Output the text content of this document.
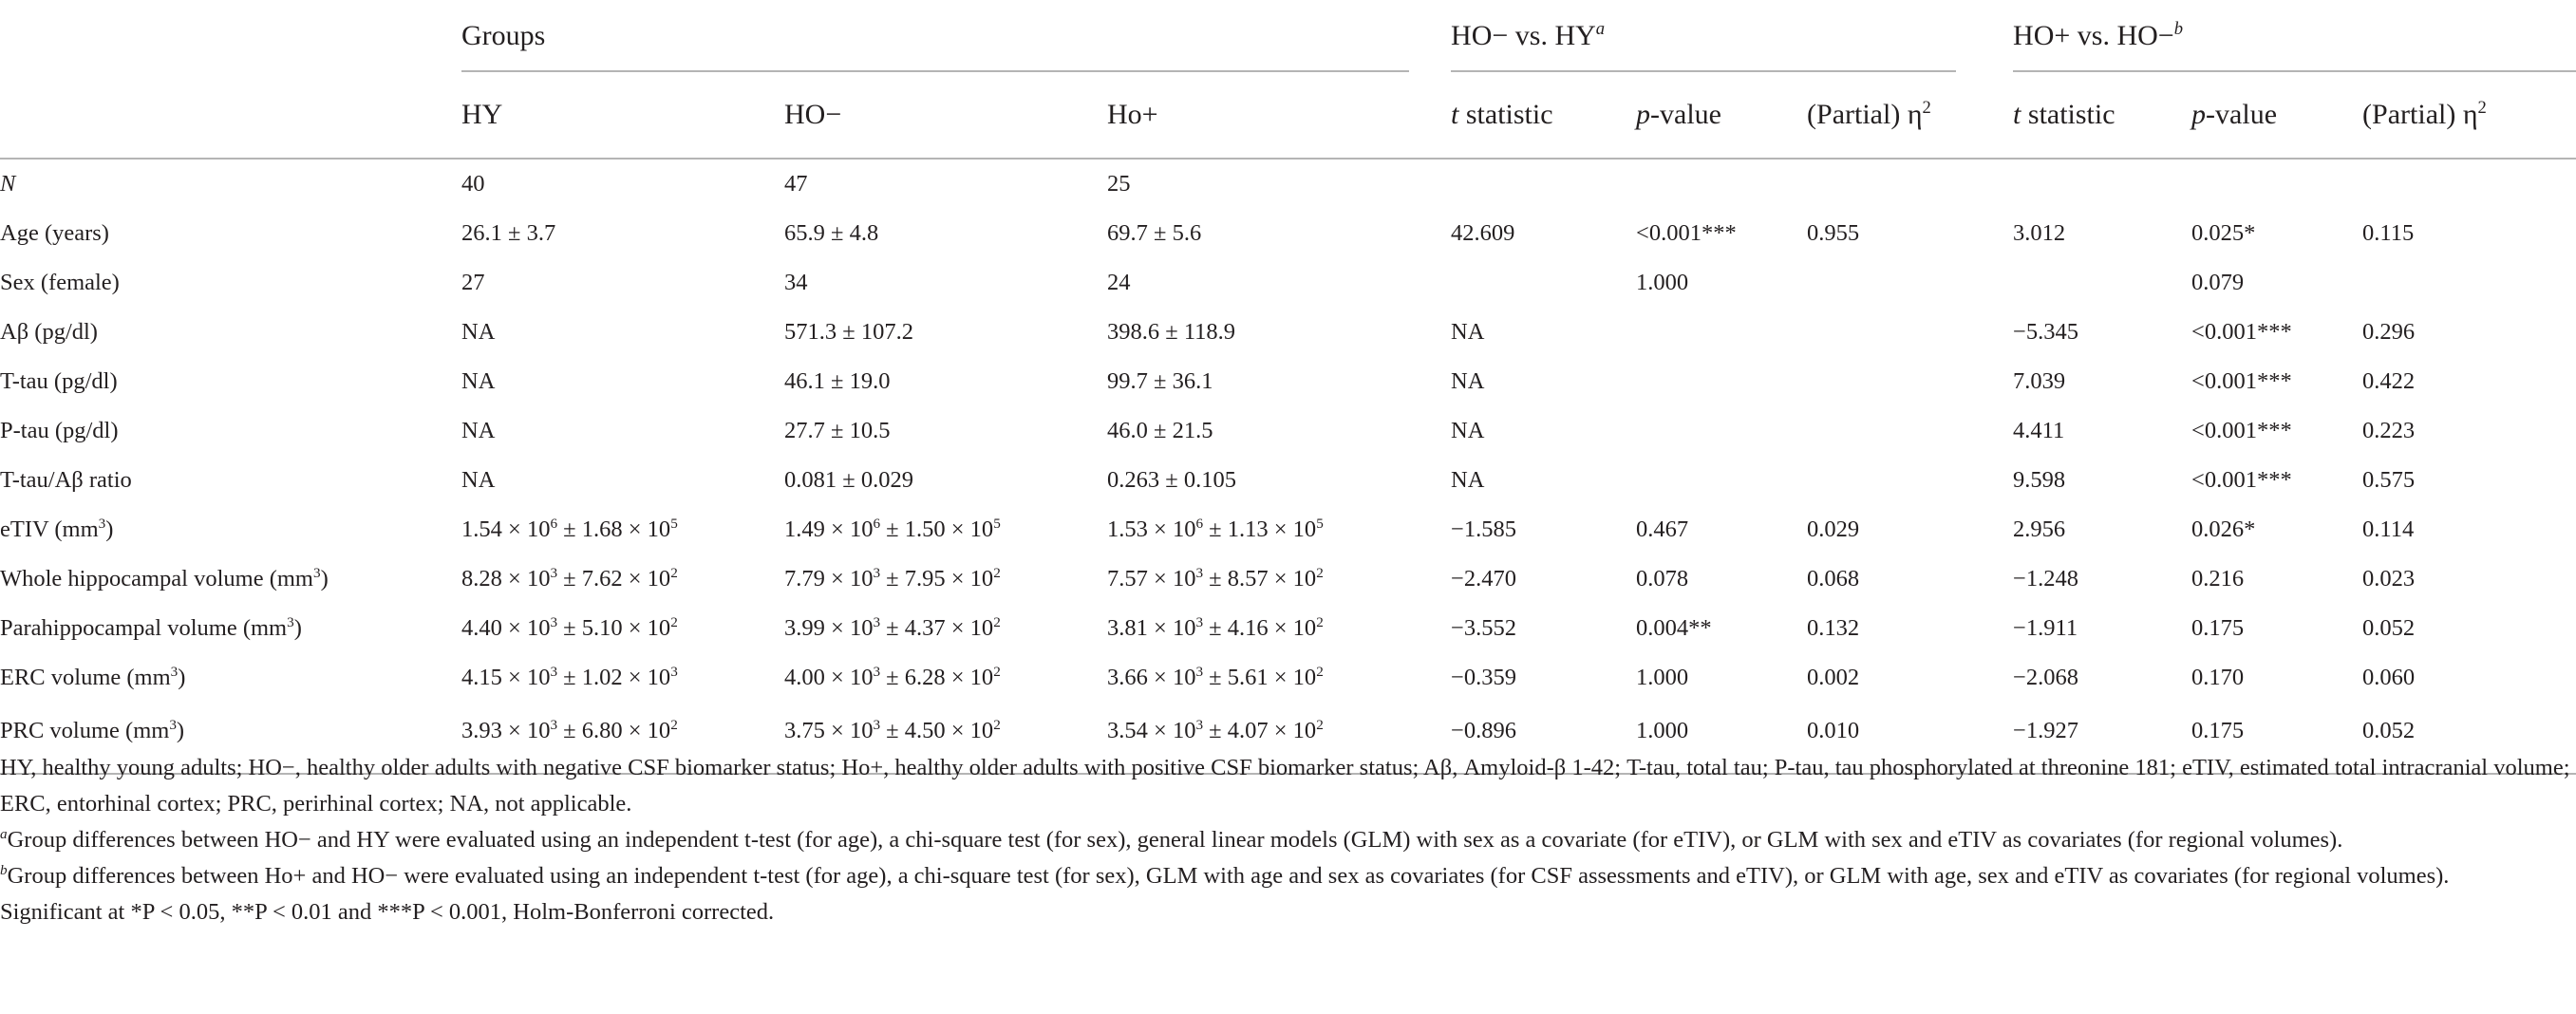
	Groups			HO− vs. $HY^a$			HO+ vs. HO−$^b$

	HY	HO−	Ho+	t statistic	p-value	(Partial) $\eta^2$	t statistic	p-value	(Partial) $\eta^2$
N	40	47	25						
Age (years)	26.1 ± 3.7	65.9 ± 4.8	69.7 ± 5.6	42.609	<0.001***	0.955	3.012	0.025*	0.115
Sex (female)	27	34	24		1.000			0.079	
Aβ (pg/dl)	NA	571.3 ± 107.2	398.6 ± 118.9	NA			−5.345	<0.001***	0.296
T-tau (pg/dl)	NA	46.1 ± 19.0	99.7 ± 36.1	NA			7.039	<0.001***	0.422
P-tau (pg/dl)	NA	27.7 ± 10.5	46.0 ± 21.5	NA			4.411	<0.001***	0.223
T-tau/Aβ ratio	NA	0.081 ± 0.029	0.263 ± 0.105	NA			9.598	<0.001***	0.575
eTIV $(mm^3)$	$1.54 \times 10^6 \pm 1.68 \times 10^5$	$1.49 \times 10^6 \pm 1.50 \times 10^5$	$1.53 \times 10^6 \pm 1.13 \times 10^5$	−1.585	0.467	0.029	2.956	0.026*	0.114
Whole hippocampal volume $(mm^3)$	$8.28 \times 10^3 \pm 7.62 \times 10^2$	$7.79 \times 10^3 \pm 7.95 \times 10^2$	$7.57 \times 10^3 \pm 8.57 \times 10^2$	−2.470	0.078	0.068	−1.248	0.216	0.023
Parahippocampal volume $(mm^3)$	$4.40 \times 10^3 \pm 5.10 \times 10^2$	$3.99 \times 10^3 \pm 4.37 \times 10^2$	$3.81 \times 10^3 \pm 4.16 \times 10^2$	−3.552	0.004**	0.132	−1.911	0.175	0.052
ERC volume $(mm^3)$	$4.15 \times 10^3 \pm 1.02 \times 10^3$	$4.00 \times 10^3 \pm 6.28 \times 10^2$	$3.66 \times 10^3 \pm 5.61 \times 10^2$	−0.359	1.000	0.002	−2.068	0.170	0.060
PRC volume $(mm^3)$	$3.93 \times 10^3 \pm 6.80 \times 10^2$	$3.75 \times 10^3 \pm 4.50 \times 10^2$	$3.54 \times 10^3 \pm 4.07 \times 10^2$	−0.896	1.000	0.010	−1.927	0.175	0.052

HY, healthy young adults; HO−, healthy older adults with negative CSF biomarker status; Ho+, healthy older adults with positive CSF biomarker status; Aβ, Amyloid-β 1-42; T-tau, total tau; P-tau, tau phosphorylated at threonine 181; eTIV, estimated total intracranial volume; ERC, entorhinal cortex; PRC, perirhinal cortex; NA, not applicable.

$^a$Group differences between HO− and HY were evaluated using an independent t-test (for age), a chi-square test (for sex), general linear models (GLM) with sex as a covariate (for eTIV), or GLM with sex and eTIV as covariates (for regional volumes).

$^b$Group differences between Ho+ and HO− were evaluated using an independent t-test (for age), a chi-square test (for sex), GLM with age and sex as covariates (for CSF assessments and eTIV), or GLM with age, sex and eTIV as covariates (for regional volumes).

Significant at *P < 0.05, **P < 0.01 and ***P < 0.001, Holm-Bonferroni corrected.
